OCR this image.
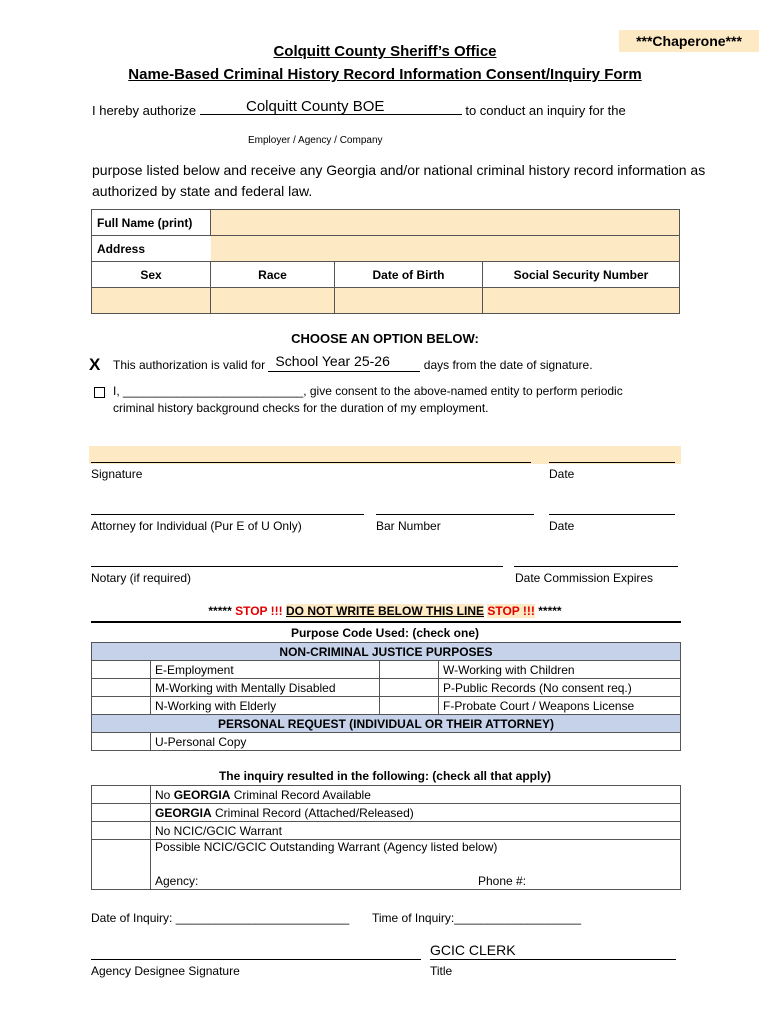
***Chaperone***
Colquitt County Sheriff’s Office
Name-Based Criminal History Record Information Consent/Inquiry Form
I hereby authorize	to conduct an inquiry for the
Colquitt County BOE
Employer / Agency / Company
purpose listed below and receive any Georgia and/or national criminal history record information as authorized by state and federal law.
Full Name (print)			
Address			
Sex	Race	Date of Birth	Social Security Number

CHOOSE AN OPTION BELOW:
X This authorization is valid for School Year 25-26	days from the date of signature.
I, ___________________________, give consent to the above-named entity to perform periodic
criminal history background checks for the duration of my employment.
Signature	Date
Attorney for Individual (Pur E of U Only)	Bar Number	Date
Notary (if required)	Date Commission Expires
***** STOP !!! DO NOT WRITE BELOW THIS LINE STOP !!! *****
Purpose Code Used: (check one)
NON-CRIMINAL JUSTICE PURPOSES			
	E-Employment		W-Working with Children
	M-Working with Mentally Disabled		P-Public Records (No consent req.)
	N-Working with Elderly		F-Probate Court / Weapons License
PERSONAL REQUEST (INDIVIDUAL OR THEIR ATTORNEY)			
	U-Personal Copy		
The inquiry resulted in the following: (check all that apply)
	No GEORGIA Criminal Record Available
	GEORGIA Criminal Record (Attached/Released)
	No NCIC/GCIC Warrant

	Possible NCIC/GCIC Outstanding Warrant (Agency listed below)
Agency: Phone #:
Date of Inquiry: __________________________ Time of Inquiry:___________________
GCIC CLERK
Agency Designee Signature	Title
